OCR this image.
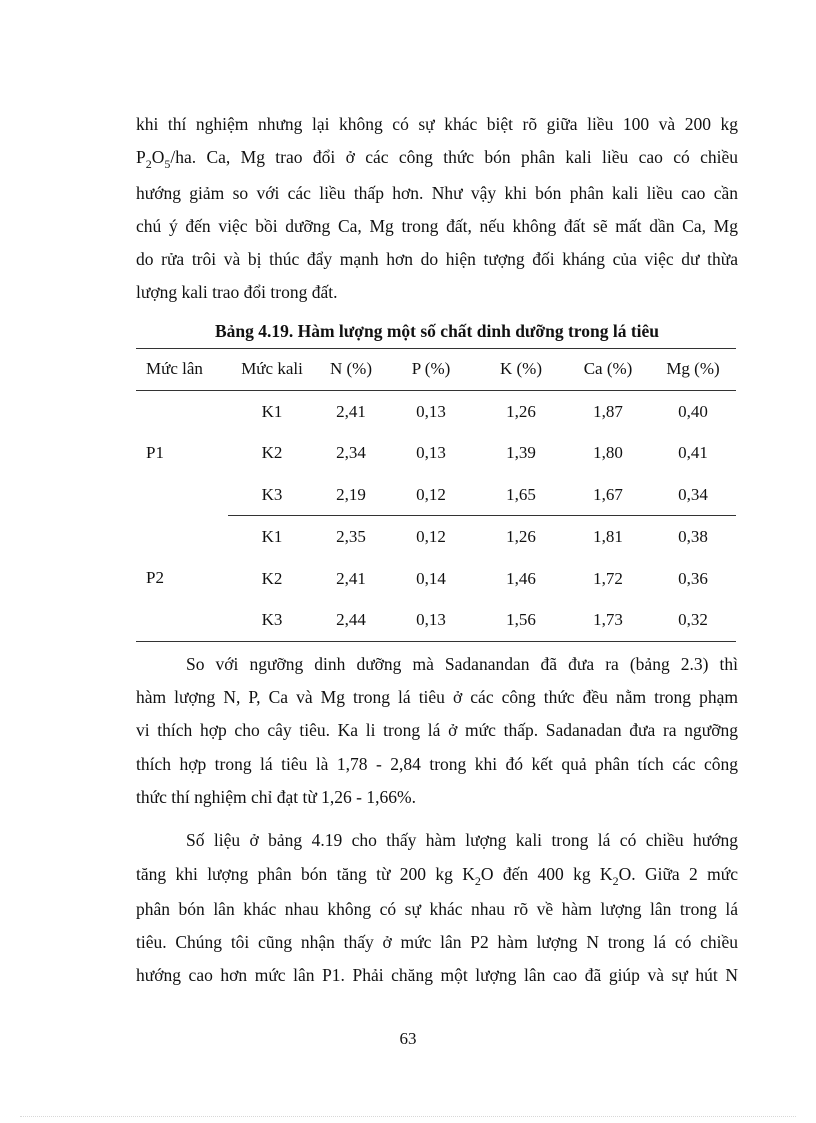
khi thí nghiệm nhưng lại không có sự khác biệt rõ giữa liều 100 và 200 kg
$P_2O_5/ha$. Ca, Mg trao đổi ở các công thức bón phân kali liều cao có chiều
hướng giảm so với các liều thấp hơn. Như vậy khi bón phân kali liều cao cần
chú ý đến việc bồi dưỡng Ca, Mg trong đất, nếu không đất sẽ mất dần Ca, Mg
do rửa trôi và bị thúc đẩy mạnh hơn do hiện tượng đối kháng của việc dư thừa
lượng kali trao đổi trong đất.

Bảng 4.19. Hàm lượng một số chất dinh dưỡng trong lá tiêu
Mức lân	Mức kali	N (%)	P (%)	K (%)	Ca (%)	Mg (%)
P1	K1	2,41	0,13	1,26	1,87	0,40
	K2	2,34	0,13	1,39	1,80	0,41
	K3	2,19	0,12	1,65	1,67	0,34
P2	K1	2,35	0,12	1,26	1,81	0,38
	K2	2,41	0,14	1,46	1,72	0,36
	K3	2,44	0,13	1,56	1,73	0,32

So với ngưỡng dinh dưỡng mà Sadanandan đã đưa ra (bảng 2.3) thì
hàm lượng N, P, Ca và Mg trong lá tiêu ở các công thức đều nằm trong phạm
vi thích hợp cho cây tiêu. Ka li trong lá ở mức thấp. Sadanadan đưa ra ngưỡng
thích hợp trong lá tiêu là 1,78 - 2,84 trong khi đó kết quả phân tích các công
thức thí nghiệm chỉ đạt từ 1,26 - 1,66%.

Số liệu ở bảng 4.19 cho thấy hàm lượng kali trong lá có chiều hướng
tăng khi lượng phân bón tăng từ 200 kg $K_2O$ đến 400 kg $K_2O$. Giữa 2 mức
phân bón lân khác nhau không có sự khác nhau rõ về hàm lượng lân trong lá
tiêu. Chúng tôi cũng nhận thấy ở mức lân P2 hàm lượng N trong lá có chiều
hướng cao hơn mức lân P1. Phải chăng một lượng lân cao đã giúp và sự hút N

63
